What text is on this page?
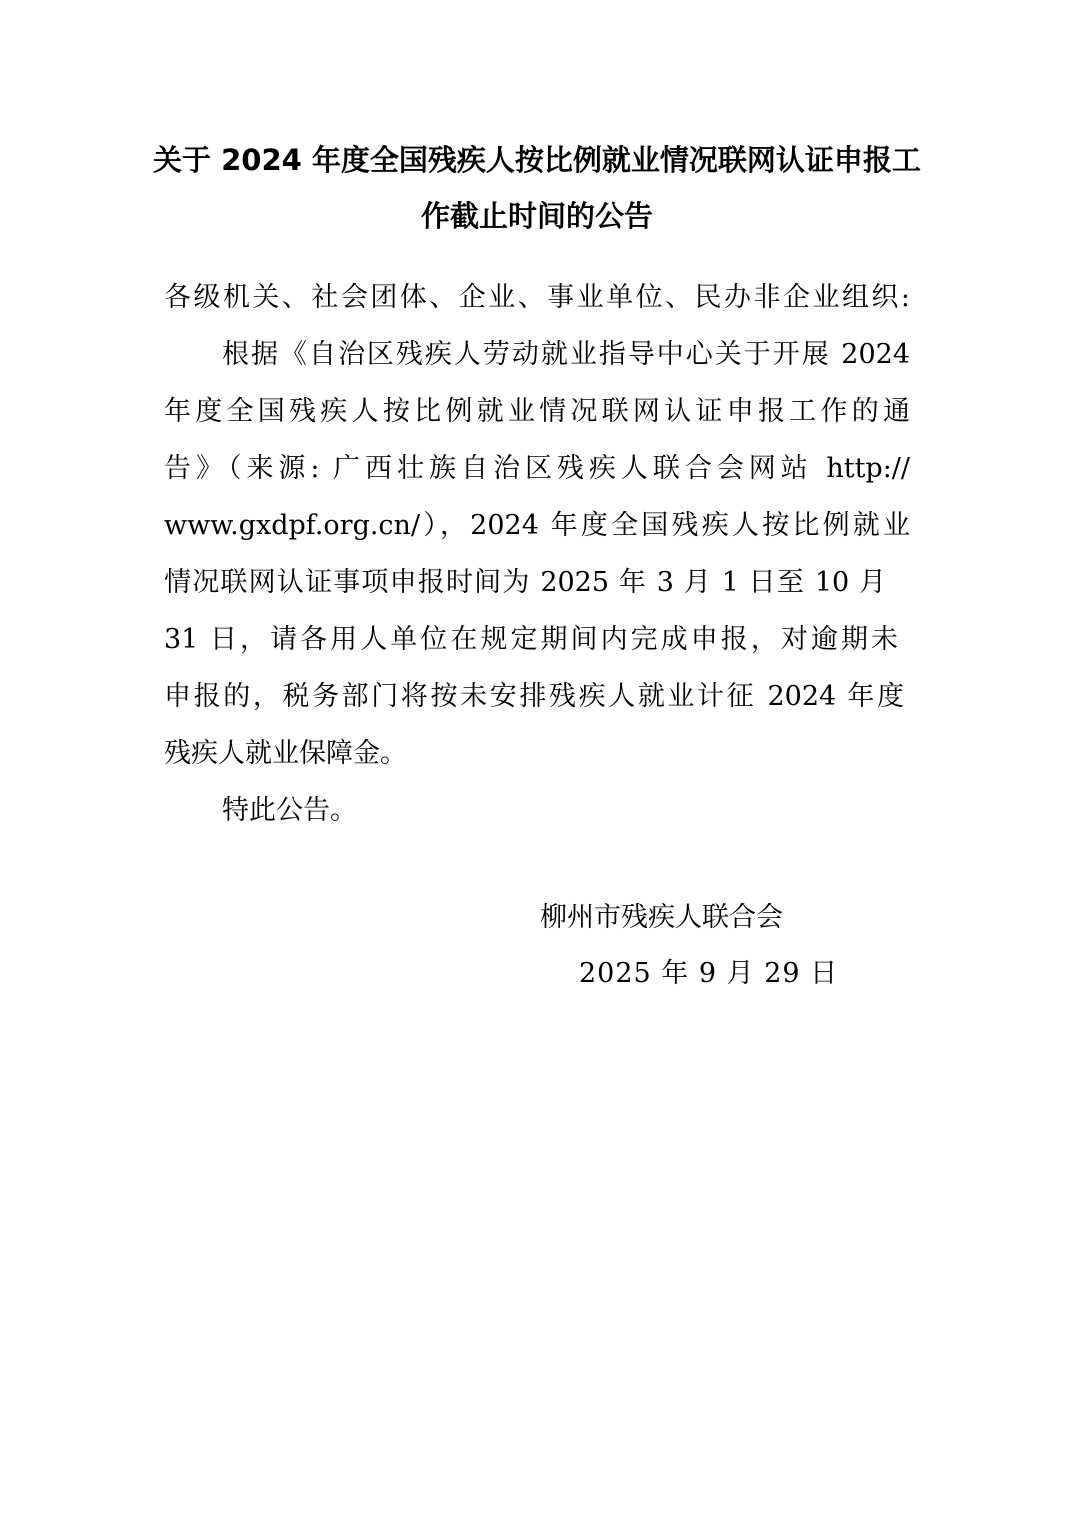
关于 2024 年度全国残疾人按比例就业情况联网认证申报工
作截止时间的公告
各级机关、社会团体、企业、事业单位、民办非企业组织:
根据《自治区残疾人劳动就业指导中心关于开展 2024
年度全国残疾人按比例就业情况联网认证申报工作的通
告》（来源: 广西壮族自治区残疾人联合会网站 http://
www.gxdpf.org.cn/），2024 年度全国残疾人按比例就业
情况联网认证事项申报时间为 2025 年 3 月 1 日至 10 月
31 日，请各用人单位在规定期间内完成申报，对逾期未
申报的，税务部门将按未安排残疾人就业计征 2024 年度
残疾人就业保障金。
特此公告。
柳州市残疾人联合会
2025 年 9 月 29 日
